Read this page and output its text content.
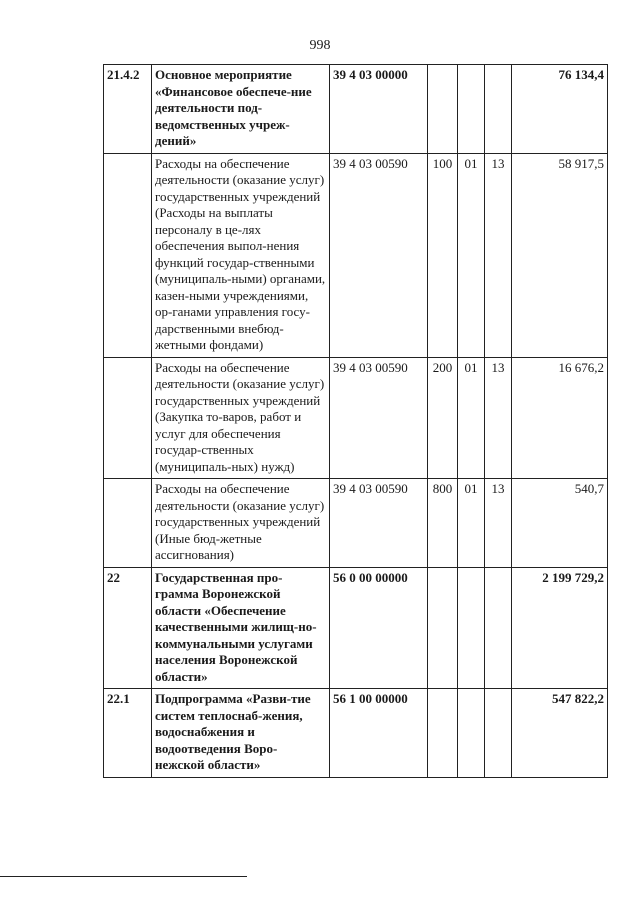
998
21.4.2	Основное мероприятие «Финансовое обеспече-ние деятельности под-ведомственных учреж-дений»	39 4 03 00000				76 134,4
	Расходы на обеспечение деятельности (оказание услуг) государственных учреждений (Расходы на выплаты персоналу в це-лях обеспечения выпол-нения функций государ-ственными (муниципаль-ными) органами, казен-ными учреждениями, ор-ганами управления госу-дарственными внебюд-жетными фондами)	39 4 03 00590	100	01	13	58 917,5
	Расходы на обеспечение деятельности (оказание услуг) государственных учреждений (Закупка то-варов, работ и услуг для обеспечения государ-ственных (муниципаль-ных) нужд)	39 4 03 00590	200	01	13	16 676,2
	Расходы на обеспечение деятельности (оказание услуг) государственных учреждений (Иные бюд-жетные ассигнования)	39 4 03 00590	800	01	13	540,7
22	Государственная про-грамма Воронежской области «Обеспечение качественными жилищ-но-коммунальными услугами населения Воронежской области»	56 0 00 00000				2 199 729,2
22.1	Подпрограмма «Разви-тие систем теплоснаб-жения, водоснабжения и водоотведения Воро-нежской области»	56 1 00 00000				547 822,2
